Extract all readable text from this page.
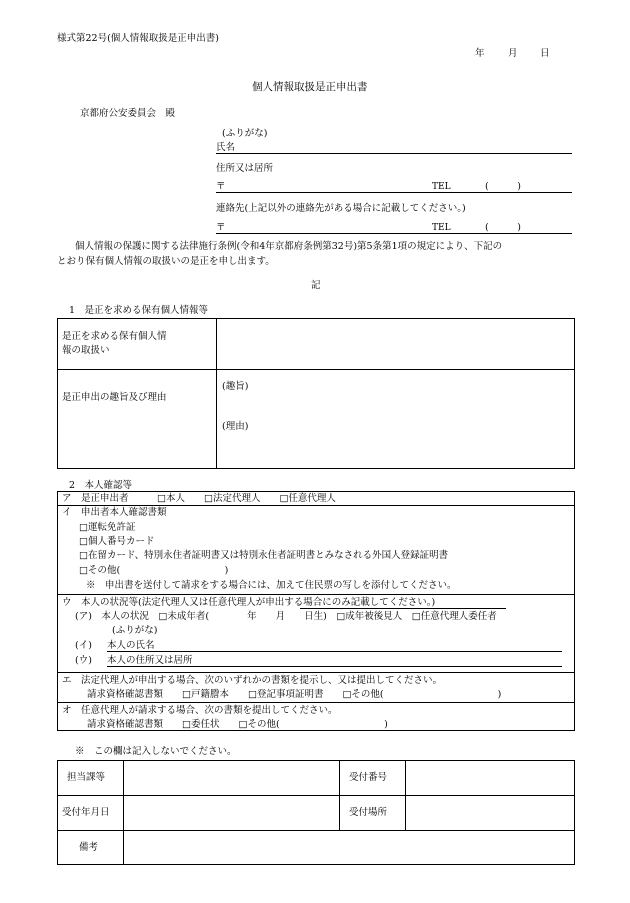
様式第22号(個人情報取扱是正申出書)
年 月 日
個人情報取扱是正申出書
京都府公安委員会　殿
(ふりがな)
氏名
住所又は居所
〒	TEL	(　　　)
連絡先(上記以外の連絡先がある場合に記載してください。)
〒	TEL	(　　　)
個人情報の保護に関する法律施行条例(令和4年京都府条例第32号)第5条第1項の規定により、下記の
とおり保有個人情報の取扱いの是正を申し出ます。
記
1　是正を求める保有個人情報等
是正を求める保有個人情
報の取扱い
是正申出の趣旨及び理由
(趣旨)
(理由)
2　本人確認等
ア　是正申出者　　　□本人　　□法定代理人　　□任意代理人
イ　申出者本人確認書類
□運転免許証
□個人番号カード
□在留カード、特別永住者証明書又は特別永住者証明書とみなされる外国人登録証明書
□その他(　　　　　　　　　　　)
※　申出書を送付して請求をする場合には、加えて住民票の写しを添付してください。
ウ　本人の状況等(法定代理人又は任意代理人が申出する場合にのみ記載してください。)
(ア)　本人の状況　□未成年者(　　　　年　　月　　日生)　□成年被後見人　□任意代理人委任者
(ふりがな)
(イ) 本人の氏名
(ウ) 本人の住所又は居所
エ　法定代理人が申出する場合、次のいずれかの書類を提示し、又は提出してください。
請求資格確認書類　　□戸籍謄本　　□登記事項証明書　　□その他(　　　　　　　　　　　　)
オ　任意代理人が請求する場合、次の書類を提出してください。
請求資格確認書類　　□委任状　　□その他(　　　　　　　　　　　)
※　この欄は記入しないでください。
担当課等	受付番号
受付年月日	受付場所
備考
